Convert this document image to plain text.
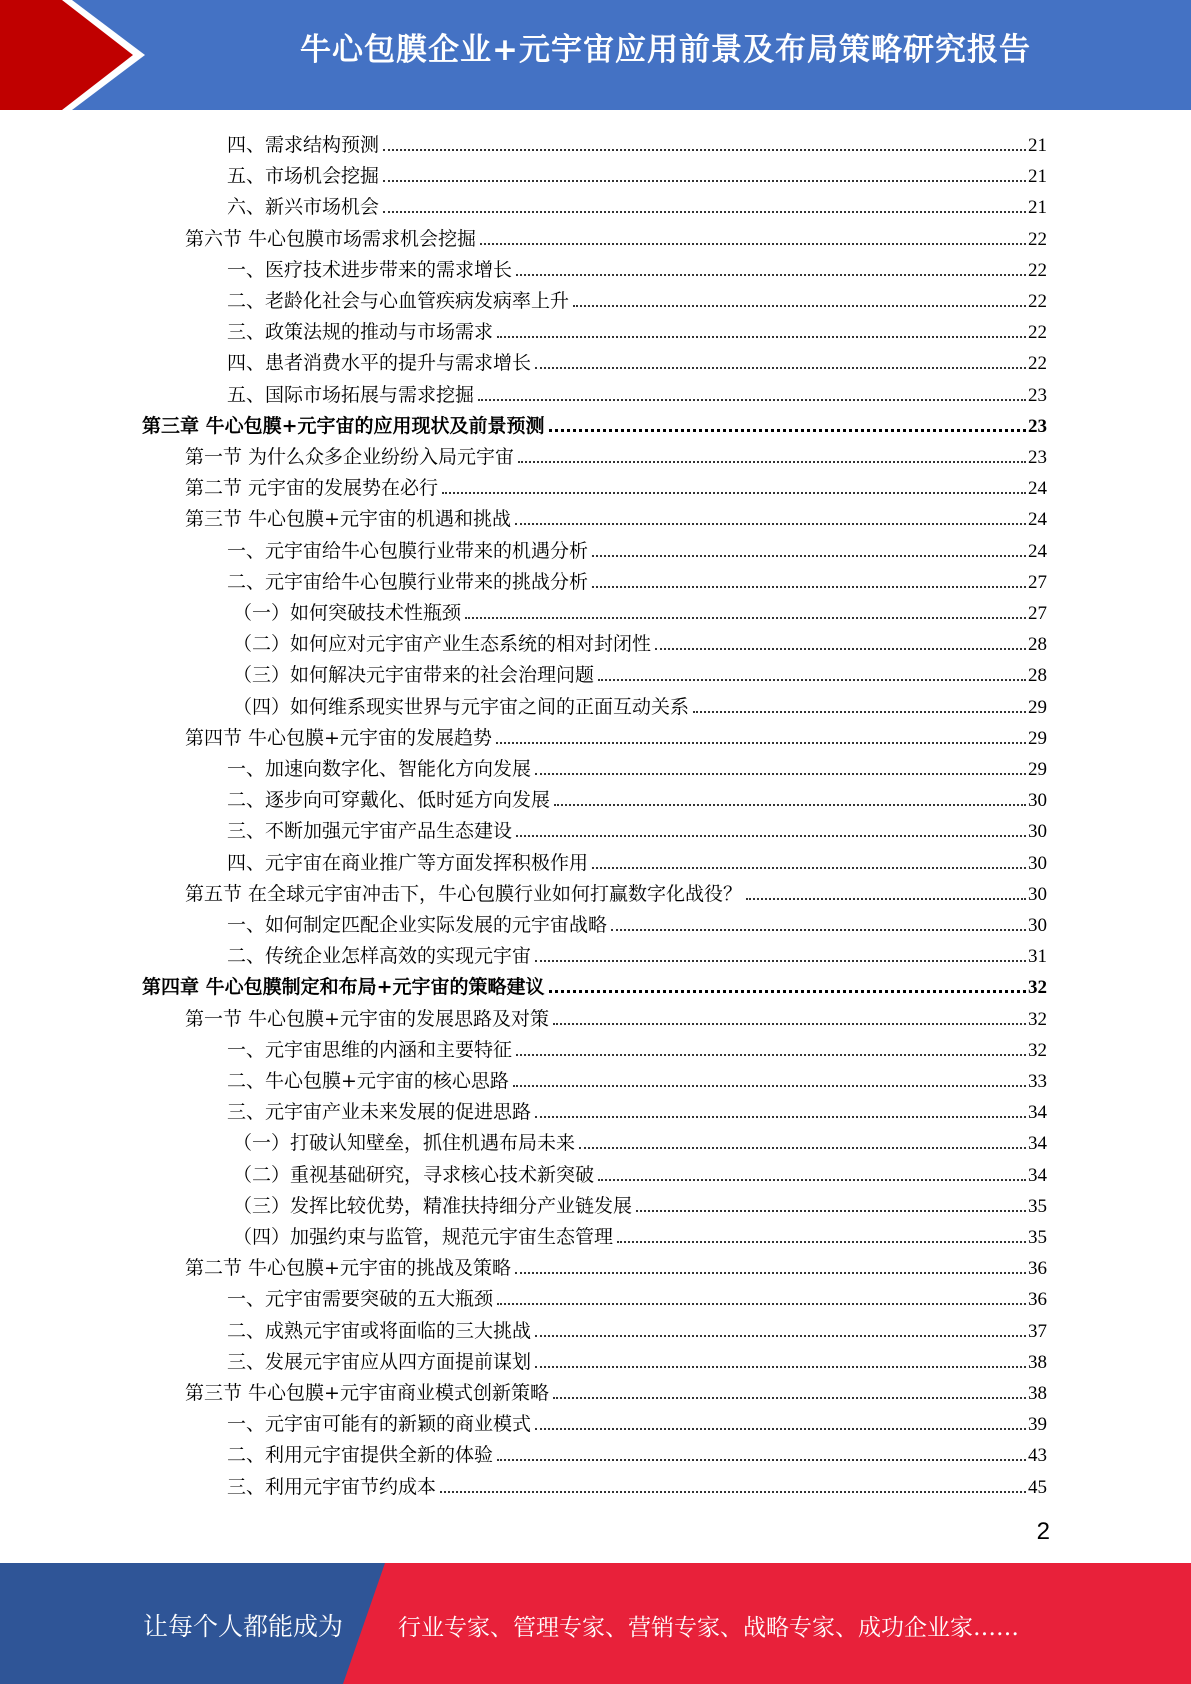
牛心包膜企业+元宇宙应用前景及布局策略研究报告
四、需求结构预测	21
五、市场机会挖掘	21
六、新兴市场机会	21
第六节 牛心包膜市场需求机会挖掘	22
一、医疗技术进步带来的需求增长	22
二、老龄化社会与心血管疾病发病率上升	22
三、政策法规的推动与市场需求	22
四、患者消费水平的提升与需求增长	22
五、国际市场拓展与需求挖掘	23
第三章 牛心包膜+元宇宙的应用现状及前景预测	23
第一节 为什么众多企业纷纷入局元宇宙	23
第二节 元宇宙的发展势在必行	24
第三节 牛心包膜+元宇宙的机遇和挑战	24
一、元宇宙给牛心包膜行业带来的机遇分析	24
二、元宇宙给牛心包膜行业带来的挑战分析	27
（一）如何突破技术性瓶颈	27
（二）如何应对元宇宙产业生态系统的相对封闭性	28
（三）如何解决元宇宙带来的社会治理问题	28
（四）如何维系现实世界与元宇宙之间的正面互动关系	29
第四节 牛心包膜+元宇宙的发展趋势	29
一、加速向数字化、智能化方向发展	29
二、逐步向可穿戴化、低时延方向发展	30
三、不断加强元宇宙产品生态建设	30
四、元宇宙在商业推广等方面发挥积极作用	30
第五节 在全球元宇宙冲击下，牛心包膜行业如何打赢数字化战役？	30
一、如何制定匹配企业实际发展的元宇宙战略	30
二、传统企业怎样高效的实现元宇宙	31
第四章 牛心包膜制定和布局+元宇宙的策略建议	32
第一节 牛心包膜+元宇宙的发展思路及对策	32
一、元宇宙思维的内涵和主要特征	32
二、牛心包膜+元宇宙的核心思路	33
三、元宇宙产业未来发展的促进思路	34
（一）打破认知壁垒，抓住机遇布局未来	34
（二）重视基础研究，寻求核心技术新突破	34
（三）发挥比较优势，精准扶持细分产业链发展	35
（四）加强约束与监管，规范元宇宙生态管理	35
第二节 牛心包膜+元宇宙的挑战及策略	36
一、元宇宙需要突破的五大瓶颈	36
二、成熟元宇宙或将面临的三大挑战	37
三、发展元宇宙应从四方面提前谋划	38
第三节 牛心包膜+元宇宙商业模式创新策略	38
一、元宇宙可能有的新颖的商业模式	39
二、利用元宇宙提供全新的体验	43
三、利用元宇宙节约成本	45
2
让每个人都能成为 行业专家、管理专家、营销专家、战略专家、成功企业家……
